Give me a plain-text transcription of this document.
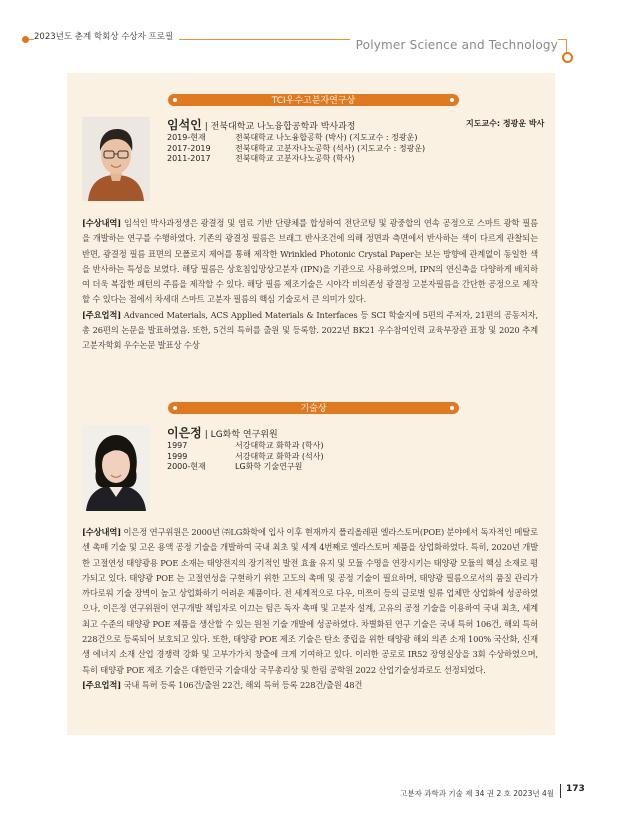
2023년도 춘계 학회상 수상자 프로필
Polymer Science and Technology
TCI우수고분자연구상
임석인 | 전북대학교 나노융합공학과 박사과정	지도교수: 정광운 박사
2019-현재	전북대학교 나노융합공학 (박사) (지도교수 : 정광운)
2017-2019	전북대학교 고분자나노공학 (석사) (지도교수 : 정광운)
2011-2017	전북대학교 고분자나노공학 (학사)

[수상내역] 임석인 박사과정생은 광결정 및 염료 기반 단량체를 합성하여 전단코팅 및 광중합의 연속 공정으로 스마트 광학 필름을 개발하는 연구를 수행하였다. 기존의 광결정 필름은 브래그 반사조건에 의해 정면과 측면에서 반사하는 색이 다르게 관찰되는 반면, 광결정 필름 표면의 모폴로지 제어를 통해 제작한 Wrinkled Photonic Crystal Paper는 보는 방향에 관계없이 동일한 색을 반사하는 특성을 보였다. 해당 필름은 상호침입망상고분자 (IPN)을 기관으로 사용하였으며, IPN의 연신축을 다양하게 배치하여 더욱 복잡한 패턴의 주름을 제작할 수 있다. 해당 필름 제조기술은 시야각 비의존성 광결정 고분자필름을 간단한 공정으로 제작할 수 있다는 점에서 차세대 스마트 고분자 필름의 핵심 기술로서 큰 의미가 있다.

[주요업적] Advanced Materials, ACS Applied Materials & Interfaces 등 SCI 학술지에 5편의 주저자, 21편의 공동저자, 총 26편의 논문을 발표하였음. 또한, 5건의 특허를 출원 및 등록함. 2022년 BK21 우수참여인력 교육부장관 표창 및 2020 추계 고분자학회 우수논문 발표상 수상

기술상
이은정 | LG화학 연구위원
1997	서강대학교 화학과 (학사)
1999	서강대학교 화학과 (석사)
2000-현재	LG화학 기술연구원

[수상내역] 이은정 연구위원은 2000년 ㈜LG화학에 입사 이후 현재까지 폴리올레핀 엘라스토머(POE) 분야에서 독자적인 메탈로센 촉매 기술 및 고온 용액 공정 기술을 개발하여 국내 최초 및 세계 4번째로 엘라스토머 제품을 상업화하였다. 특히, 2020년 개발한 고절연성 태양광용 POE 소재는 태양전지의 장기적인 발전 효율 유지 및 모듈 수명을 연장시키는 태양광 모듈의 핵심 소재로 평가되고 있다. 태양광 POE 는 고절연성을 구현하기 위한 고도의 촉매 및 공정 기술이 필요하며, 태양광 필름으로서의 품질 관리가 까다로워 기술 장벽이 높고 상업화하기 어려운 제품이다. 전 세계적으로 다우, 미쯔이 등의 글로벌 일류 업체만 상업화에 성공하였으나, 이은정 연구위원이 연구개발 책임자로 이끄는 팀은 독자 촉매 및 고분자 설계, 고유의 공정 기술을 이용하여 국내 최초, 세계 최고 수준의 태양광 POE 제품을 생산할 수 있는 원천 기술 개발에 성공하였다. 차별화된 연구 기술은 국내 특허 106건, 해외 특허 228건으로 등록되어 보호되고 있다. 또한, 태양광 POE 제조 기술은 탄소 중립을 위한 태양광 해외 의존 소재 100% 국산화, 신재생 에너지 소재 산업 경쟁력 강화 및 고부가가치 창출에 크게 기여하고 있다. 이러한 공로로 IR52 장영실상을 3회 수상하였으며, 특히 태양광 POE 제조 기술은 대한민국 기술대상 국무총리상 및 한림 공학원 2022 산업기술성과로도 선정되었다.

[주요업적] 국내 특허 등록 106건/출원 22건, 해외 특허 등록 228건/출원 48건

고분자 과학과 기술 제 34 권 2 호 2023년 4월 173
